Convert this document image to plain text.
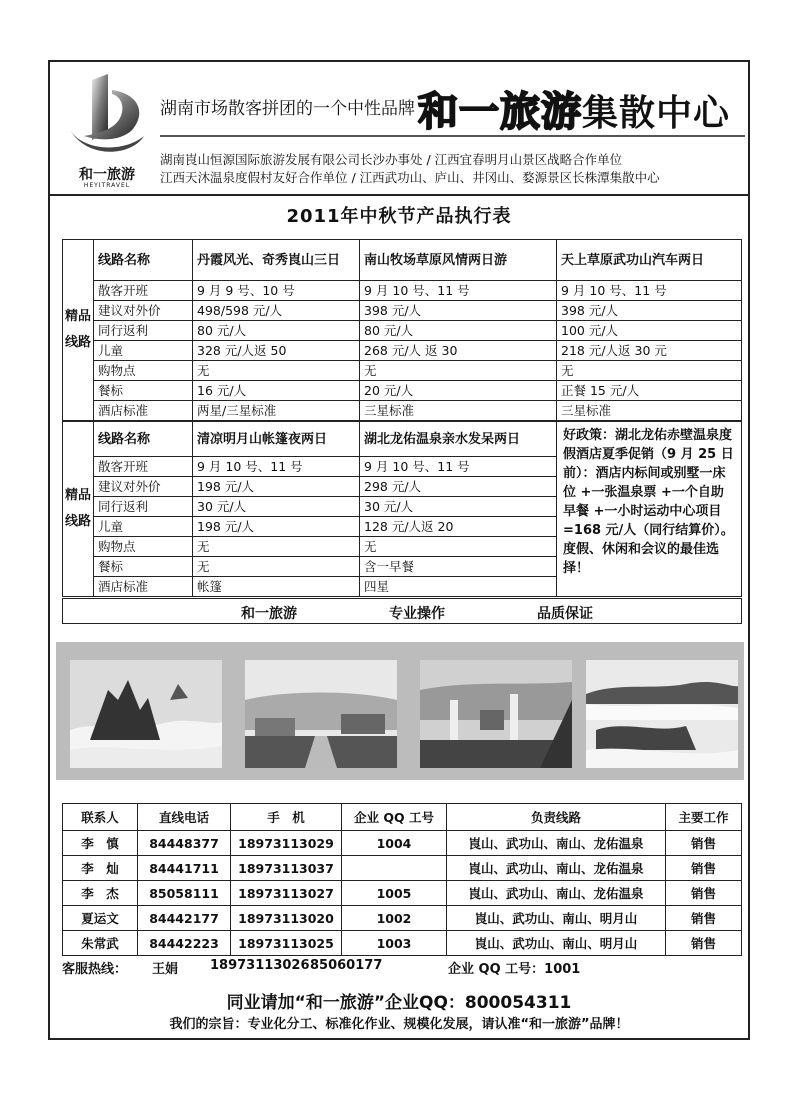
和一旅游
HEYITRAVEL
湖南市场散客拼团的一个中性品牌 和一旅游集散中心
湖南崀山恒源国际旅游发展有限公司长沙办事处 / 江西宜春明月山景区战略合作单位
江西天沐温泉度假村友好合作单位 / 江西武功山、庐山、井冈山、婺源景区长株潭集散中心
2011年中秋节产品执行表
精品线路	线路名称	丹霞风光、奇秀崀山三日	南山牧场草原风情两日游	天上草原武功山汽车两日
	散客开班	9 月 9 号、10 号	9 月 10 号、11 号	9 月 10 号、11 号
	建议对外价	498/598 元/人	398 元/人	398 元/人
	同行返利	80 元/人	80 元/人	100 元/人
	儿童	328 元/人返 50	268 元/人 返 30	218 元/人返 30 元
	购物点	无	无	无
	餐标	16 元/人	20 元/人	正餐 15 元/人
	酒店标准	两星/三星标准	三星标准	三星标准
精品线路	线路名称	清凉明月山帐篷夜两日	湖北龙佑温泉亲水发呆两日	好政策：湖北龙佑赤壁温泉度假酒店夏季促销（9 月 25 日前）：酒店内标间或别墅一床位 +一张温泉票 +一个自助早餐 +一小时运动中心项目 =168 元/人（同行结算价）。度假、休闲和会议的最佳选择！
	散客开班	9 月 10 号、11 号	9 月 10 号、11 号	
	建议对外价	198 元/人	298 元/人	
	同行返利	30 元/人	30 元/人	
	儿童	198 元/人	128 元/人返 20	
	购物点	无	无	
	餐标	无	含一早餐	
	酒店标准	帐篷	四星	
和一旅游	专业操作	品质保证
联系人	直线电话	手　机	企业 QQ 工号	负责线路	主要工作
李　慎	84448377	18973113029	1004	崀山、武功山、南山、龙佑温泉	销售
李　灿	84441711	18973113037		崀山、武功山、南山、龙佑温泉	销售
李　杰	85058111	18973113027	1005	崀山、武功山、南山、龙佑温泉	销售
夏运文	84442177	18973113020	1002	崀山、武功山、南山、明月山	销售
朱常武	84442223	18973113025	1003	崀山、武功山、南山、明月山	销售
客服热线： 王娟 18973113026 85060177	企业 QQ 工号：1001
同业请加“和一旅游”企业QQ：800054311
我们的宗旨：专业化分工、标准化作业、规模化发展，请认准“和一旅游”品牌！
